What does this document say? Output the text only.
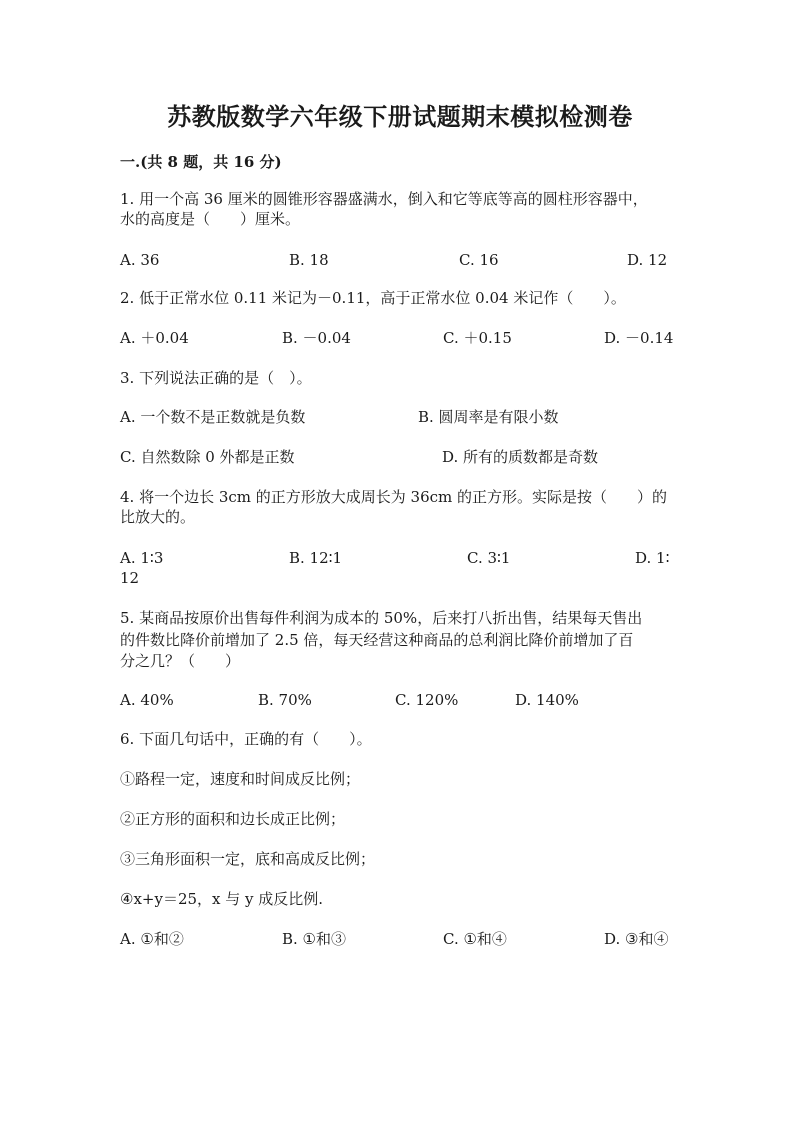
苏教版数学六年级下册试题期末模拟检测卷
一.(共 8 题，共 16 分)
1. 用一个高 36 厘米的圆锥形容器盛满水，倒入和它等底等高的圆柱形容器中，
水的高度是（　　）厘米。
A. 36	B. 18	C. 16	D. 12
2. 低于正常水位 0.11 米记为－0.11，高于正常水位 0.04 米记作（　　）。
A. ＋0.04	B. －0.04	C. ＋0.15	D. －0.14
3. 下列说法正确的是（　）。
A. 一个数不是正数就是负数	B. 圆周率是有限小数
C. 自然数除 0 外都是正数	D. 所有的质数都是奇数
4. 将一个边长 3cm 的正方形放大成周长为 36cm 的正方形。实际是按（　　）的
比放大的。
A. 1∶3	B. 12∶1	C. 3∶1	D. 1∶
12
5. 某商品按原价出售每件利润为成本的 50%，后来打八折出售，结果每天售出
的件数比降价前增加了 2.5 倍，每天经营这种商品的总利润比降价前增加了百
分之几？（　　）
A. 40%	B. 70%	C. 120%	D. 140%
6. 下面几句话中，正确的有（　　）。
①路程一定，速度和时间成反比例；
②正方形的面积和边长成正比例；
③三角形面积一定，底和高成反比例；
④x+y＝25，x 与 y 成反比例.
A. ①和②	B. ①和③	C. ①和④	D. ③和④
